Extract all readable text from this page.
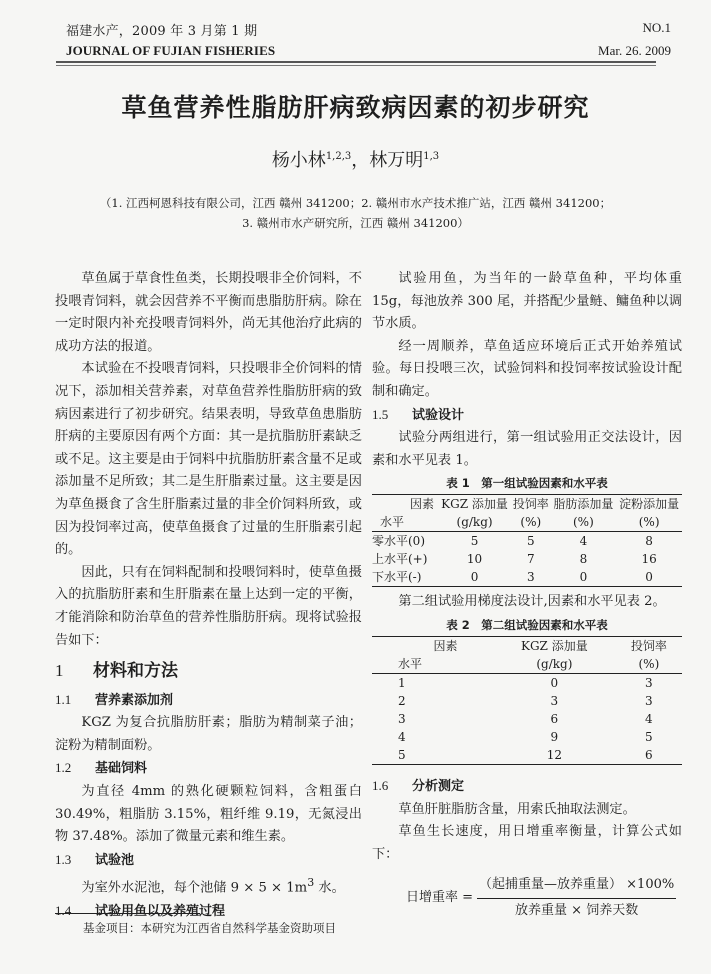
福建水产，2009 年 3 月第 1 期	NO.1
JOURNAL OF FUJIAN FISHERIES	Mar. 26. 2009
草鱼营养性脂肪肝病致病因素的初步研究
杨小林$^{1,2,3}$，林万明$^{1,3}$
（1. 江西柯恩科技有限公司，江西 赣州 341200；2. 赣州市水产技术推广站，江西 赣州 341200；
3. 赣州市水产研究所，江西 赣州 341200）

草鱼属于草食性鱼类，长期投喂非全价饲料，不投喂青饲料，就会因营养不平衡而患脂肪肝病。除在一定时限内补充投喂青饲料外，尚无其他治疗此病的成功方法的报道。

本试验在不投喂青饲料，只投喂非全价饲料的情况下，添加相关营养素，对草鱼营养性脂肪肝病的致病因素进行了初步研究。结果表明，导致草鱼患脂肪肝病的主要原因有两个方面：其一是抗脂肪肝素缺乏或不足。这主要是由于饲料中抗脂肪肝素含量不足或添加量不足所致；其二是生肝脂素过量。这主要是因为草鱼摄食了含生肝脂素过量的非全价饲料所致，或因为投饲率过高，使草鱼摄食了过量的生肝脂素引起的。

因此，只有在饲料配制和投喂饲料时，使草鱼摄入的抗脂肪肝素和生肝脂素在量上达到一定的平衡，才能消除和防治草鱼的营养性脂肪肝病。现将试验报告如下：

1 材料和方法
1.1 营养素添加剂

KGZ 为复合抗脂肪肝素；脂肪为精制菜子油；淀粉为精制面粉。

1.2 基础饲料

为直径 4mm 的熟化硬颗粒饲料，含粗蛋白 30.49%，粗脂肪 3.15%，粗纤维 9.19，无氮浸出物 37.48%。添加了微量元素和维生素。

1.3 试验池

为室外水泥池，每个池储 $9 \times 5 \times 1m^3$ 水。

1.4 试验用鱼以及养殖过程

试验用鱼，为当年的一龄草鱼种，平均体重 15g，每池放养 300 尾，并搭配少量鲢、鳙鱼种以调节水质。

经一周顺养，草鱼适应环境后正式开始养殖试验。每日投喂三次，试验饲料和投饲率按试验设计配制和确定。

1.5 试验设计

试验分两组进行，第一组试验用正交法设计，因素和水平见表 1。

表 1　第一组试验因素和水平表
因素	KGZ 添加量	投饲率	脂肪添加量	淀粉添加量
水平	(g/kg)	(%)	(%)	(%)
零水平(0)	5	5	4	8
上水平(+)	10	7	8	16
下水平(-)	0	3	0	0

第二组试验用梯度法设计,因素和水平见表 2。

表 2　第二组试验因素和水平表
因素	KGZ 添加量	投饲率
水平	(g/kg)	(%)
1	0	3
2	3	3
3	6	4
4	9	5
5	12	6
1.6 分析测定

草鱼肝脏脂肪含量，用索氏抽取法测定。

草鱼生长速度，用日增重率衡量，计算公式如下：

日增重率 = $\frac{\text{（起捕重量—放养重量） ×100\%}}{\text{放养重量 × 饲养天数}}$
基金项目：本研究为江西省自然科学基金资助项目
